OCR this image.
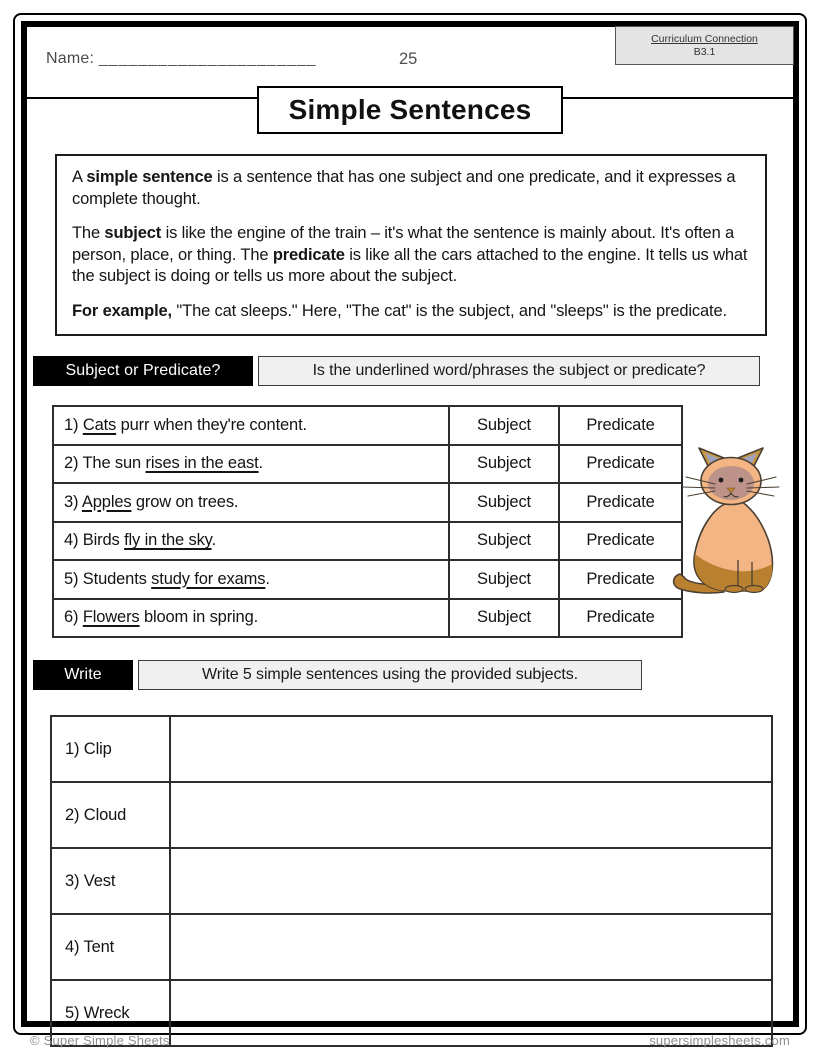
Name: ______________________	25
Curriculum Connection
B3.1
Simple Sentences

A simple sentence is a sentence that has one subject and one predicate, and it expresses a complete thought.

The subject is like the engine of the train – it's what the sentence is mainly about. It's often a person, place, or thing. The predicate is like all the cars attached to the engine. It tells us what the subject is doing or tells us more about the subject.

For example, "The cat sleeps." Here, "The cat" is the subject, and "sleeps" is the predicate.

Subject or Predicate?	Is the underlined word/phrases the subject or predicate?
1) Cats purr when they're content.	Subject	Predicate
2) The sun rises in the east.	Subject	Predicate
3) Apples grow on trees.	Subject	Predicate
4) Birds fly in the sky.	Subject	Predicate
5) Students study for exams.	Subject	Predicate
6) Flowers bloom in spring.	Subject	Predicate
Write	Write 5 simple sentences using the provided subjects.
1) Clip	
2) Cloud	
3) Vest	
4) Tent	
5) Wreck	
© Super Simple Sheets	supersimplesheets.com
